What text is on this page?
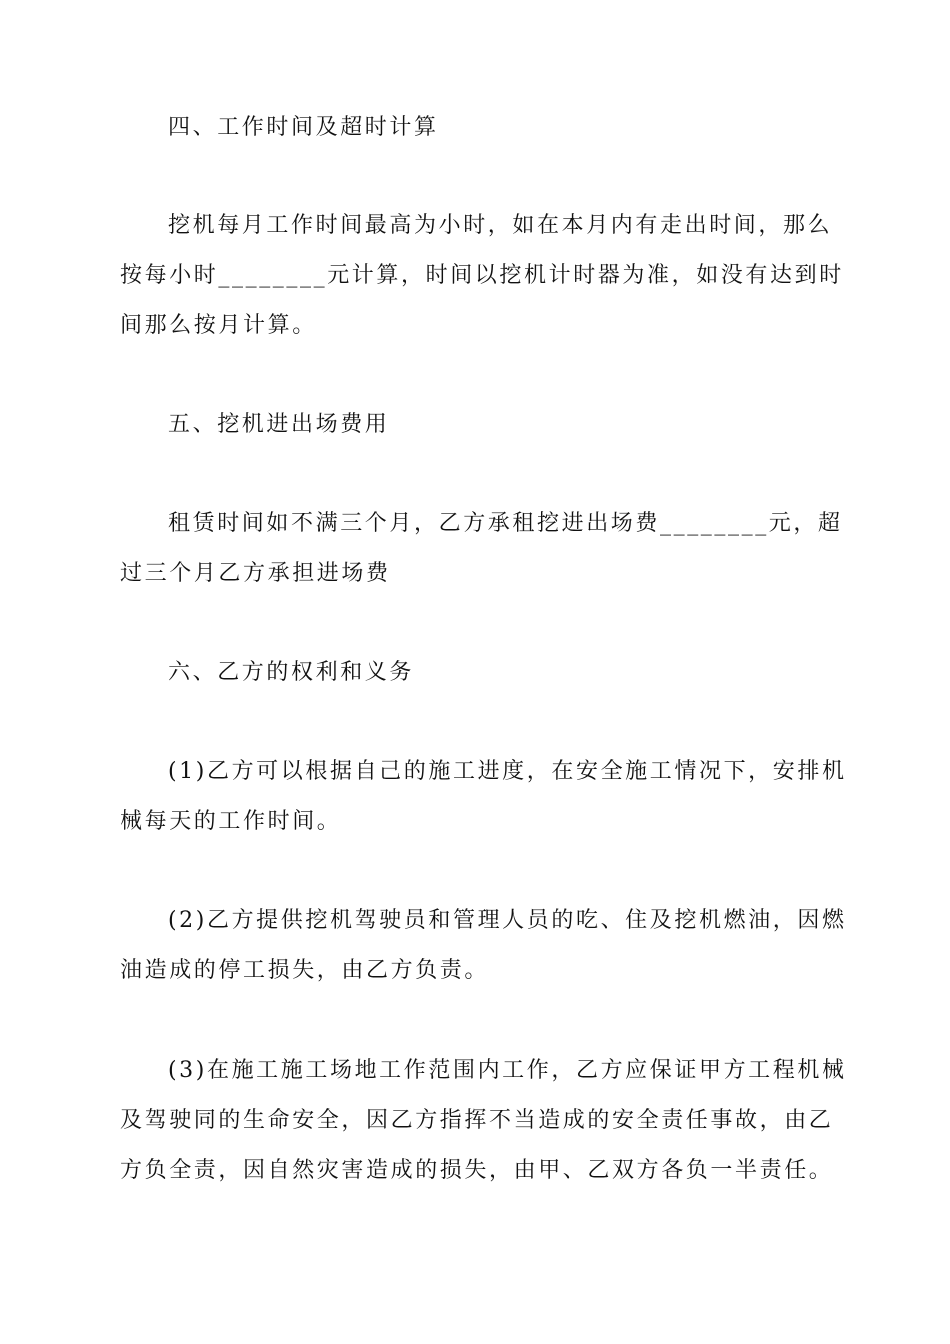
四、工作时间及超时计算
挖机每月工作时间最高为小时，如在本月内有走出时间，那么
按每小时________元计算，时间以挖机计时器为准，如没有达到时
间那么按月计算。
五、挖机进出场费用
租赁时间如不满三个月，乙方承租挖进出场费________元，超
过三个月乙方承担进场费
六、乙方的权利和义务
(1)乙方可以根据自己的施工进度，在安全施工情况下，安排机
械每天的工作时间。
(2)乙方提供挖机驾驶员和管理人员的吃、住及挖机燃油，因燃
油造成的停工损失，由乙方负责。
(3)在施工施工场地工作范围内工作，乙方应保证甲方工程机械
及驾驶同的生命安全，因乙方指挥不当造成的安全责任事故，由乙
方负全责，因自然灾害造成的损失，由甲、乙双方各负一半责任。
